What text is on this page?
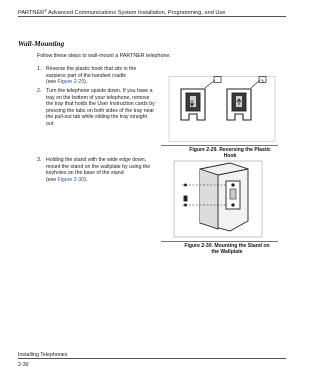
PARTNER® Advanced Communications System Installation, Programming, and Use
Wall-Mounting
Follow these steps to wall-mount a PARTNER telephone:
1. Reverse the plastic hook that sits in the earpiece part of the handset cradle
(see Figure 2-29).
2. Turn the telephone upside down. If you have a tray on the bottom of your telephone, remove the tray that holds the User Instruction cards by pressing the tabs on both sides of the tray near the pull-out tab while sliding the tray straight out.
3. Holding the stand with the wide edge down, mount the stand on the wallplate by using the keyholes on the base of the stand
(see Figure 2-30).
Figure 2-29. Reversing the Plastic
Hook
Figure 2-30. Mounting the Stand on
the Wallplate
Installing Telephones
2-30
